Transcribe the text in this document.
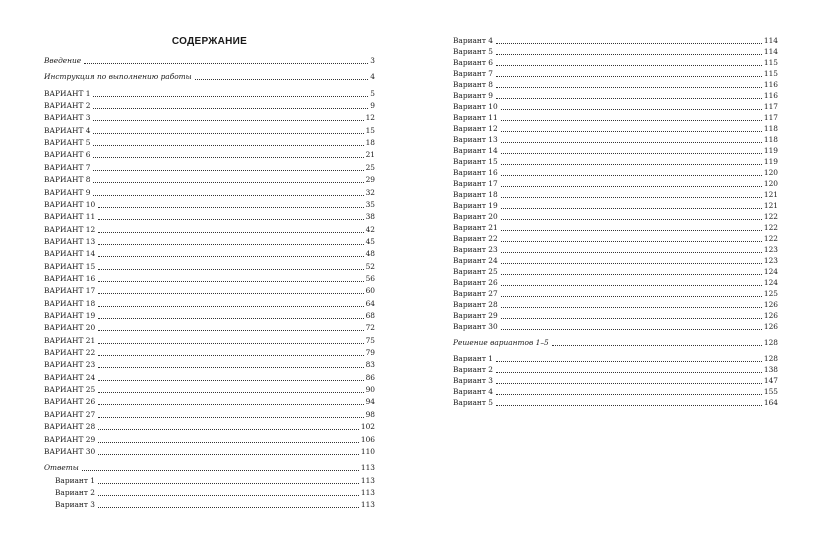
СОДЕРЖАНИЕ
Введение	3
Инструкция по выполнению работы	4
ВАРИАНТ 1	5
ВАРИАНТ 2	9
ВАРИАНТ 3	12
ВАРИАНТ 4	15
ВАРИАНТ 5	18
ВАРИАНТ 6	21
ВАРИАНТ 7	25
ВАРИАНТ 8	29
ВАРИАНТ 9	32
ВАРИАНТ 10	35
ВАРИАНТ 11	38
ВАРИАНТ 12	42
ВАРИАНТ 13	45
ВАРИАНТ 14	48
ВАРИАНТ 15	52
ВАРИАНТ 16	56
ВАРИАНТ 17	60
ВАРИАНТ 18	64
ВАРИАНТ 19	68
ВАРИАНТ 20	72
ВАРИАНТ 21	75
ВАРИАНТ 22	79
ВАРИАНТ 23	83
ВАРИАНТ 24	86
ВАРИАНТ 25	90
ВАРИАНТ 26	94
ВАРИАНТ 27	98
ВАРИАНТ 28	102
ВАРИАНТ 29	106
ВАРИАНТ 30	110
Ответы	113
Вариант 1	113
Вариант 2	113
Вариант 3	113
Вариант 4	114
Вариант 5	114
Вариант 6	115
Вариант 7	115
Вариант 8	116
Вариант 9	116
Вариант 10	117
Вариант 11	117
Вариант 12	118
Вариант 13	118
Вариант 14	119
Вариант 15	119
Вариант 16	120
Вариант 17	120
Вариант 18	121
Вариант 19	121
Вариант 20	122
Вариант 21	122
Вариант 22	122
Вариант 23	123
Вариант 24	123
Вариант 25	124
Вариант 26	124
Вариант 27	125
Вариант 28	126
Вариант 29	126
Вариант 30	126
Решение вариантов 1–5	128
Вариант 1	128
Вариант 2	138
Вариант 3	147
Вариант 4	155
Вариант 5	164
